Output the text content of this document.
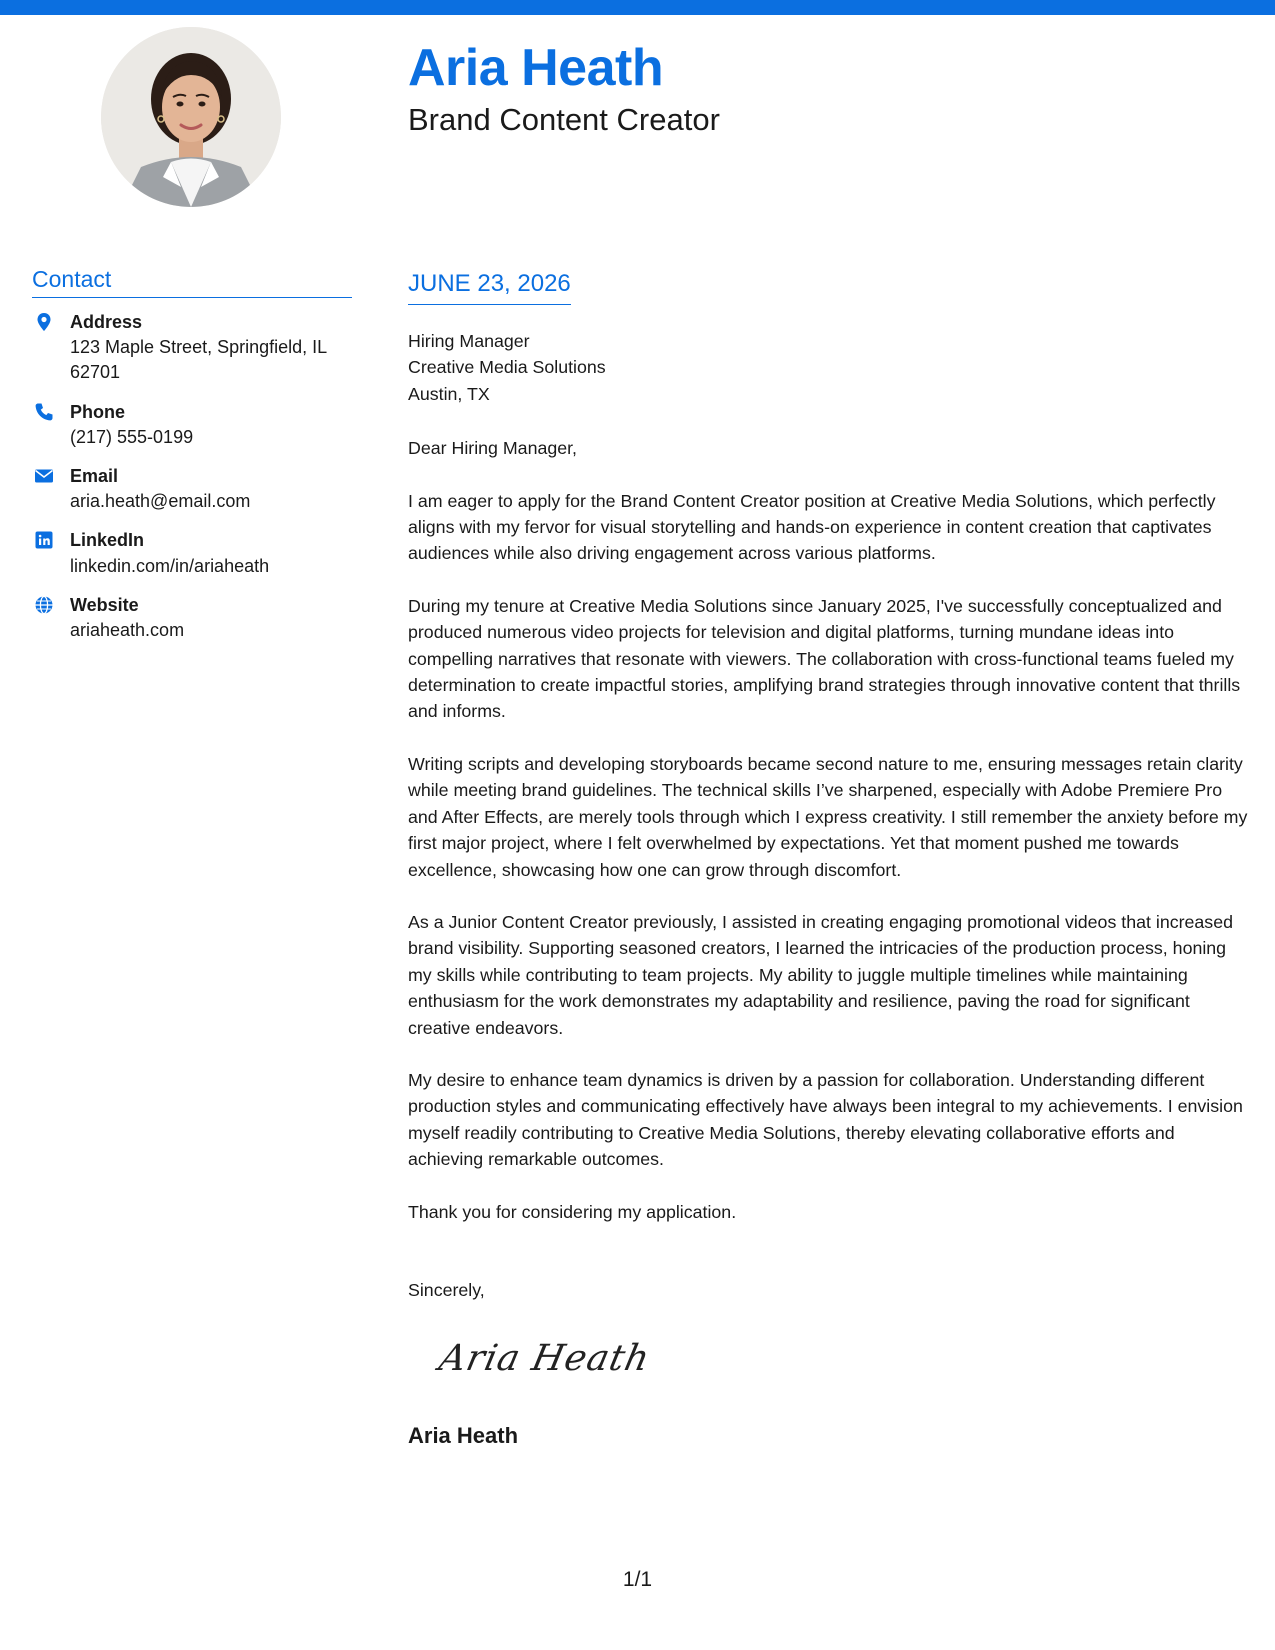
Aria Heath
Brand Content Creator
Contact
Address
123 Maple Street, Springfield, IL 62701
Phone
(217) 555-0199
Email
aria.heath@email.com
LinkedIn
linkedin.com/in/ariaheath
Website
ariaheath.com
JUNE 23, 2026
Hiring Manager
Creative Media Solutions
Austin, TX
Dear Hiring Manager,

I am eager to apply for the Brand Content Creator position at Creative Media Solutions, which perfectly aligns with my fervor for visual storytelling and hands-on experience in content creation that captivates audiences while also driving engagement across various platforms.

During my tenure at Creative Media Solutions since January 2025, I've successfully conceptualized and produced numerous video projects for television and digital platforms, turning mundane ideas into compelling narratives that resonate with viewers. The collaboration with cross-functional teams fueled my determination to create impactful stories, amplifying brand strategies through innovative content that thrills and informs.

Writing scripts and developing storyboards became second nature to me, ensuring messages retain clarity while meeting brand guidelines. The technical skills I’ve sharpened, especially with Adobe Premiere Pro and After Effects, are merely tools through which I express creativity. I still remember the anxiety before my first major project, where I felt overwhelmed by expectations. Yet that moment pushed me towards excellence, showcasing how one can grow through discomfort.

As a Junior Content Creator previously, I assisted in creating engaging promotional videos that increased brand visibility. Supporting seasoned creators, I learned the intricacies of the production process, honing my skills while contributing to team projects. My ability to juggle multiple timelines while maintaining enthusiasm for the work demonstrates my adaptability and resilience, paving the road for significant creative endeavors.

My desire to enhance team dynamics is driven by a passion for collaboration. Understanding different production styles and communicating effectively have always been integral to my achievements. I envision myself readily contributing to Creative Media Solutions, thereby elevating collaborative efforts and achieving remarkable outcomes.

Thank you for considering my application.

Sincerely,
Aria Heath
Aria Heath
1/1
